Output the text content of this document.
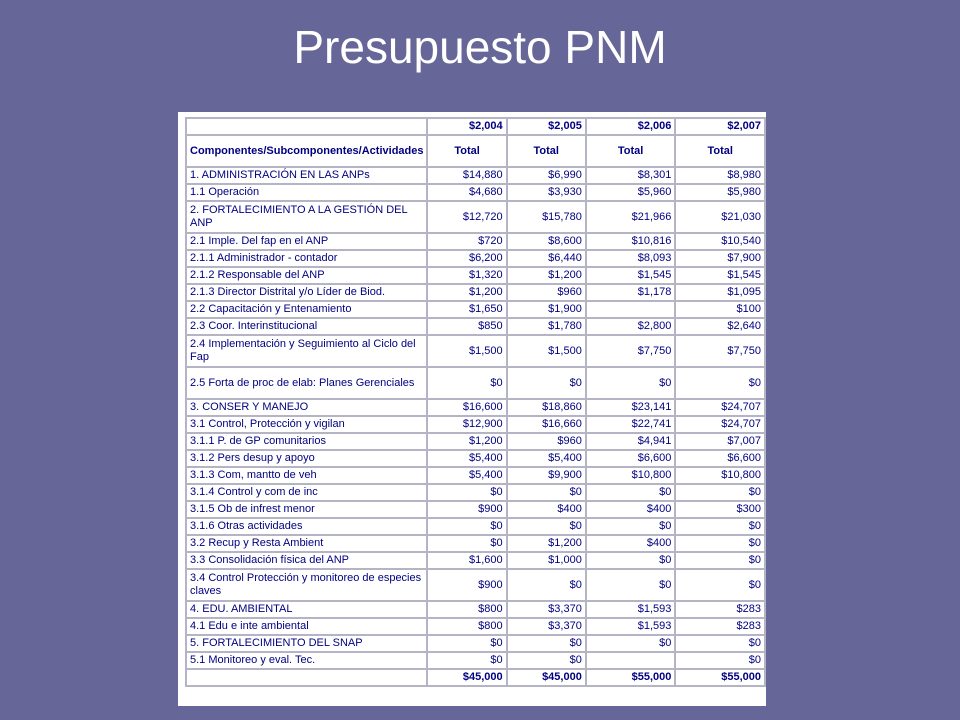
Presupuesto PNM
	$2,004	$2,005	$2,006	$2,007
Componentes/Subcomponentes/Actividades	Total	Total	Total	Total
1. ADMINISTRACIÓN EN LAS ANPs	$14,880	$6,990	$8,301	$8,980
1.1 Operación	$4,680	$3,930	$5,960	$5,980
2. FORTALECIMIENTO A LA GESTIÓN DEL ANP	$12,720	$15,780	$21,966	$21,030
2.1 Imple. Del fap en el ANP	$720	$8,600	$10,816	$10,540
2.1.1 Administrador - contador	$6,200	$6,440	$8,093	$7,900
2.1.2 Responsable del ANP	$1,320	$1,200	$1,545	$1,545
2.1.3 Director Distrital y/o Líder de Biod.	$1,200	$960	$1,178	$1,095
2.2 Capacitación y Entenamiento	$1,650	$1,900		$100
2.3 Coor. Interinstitucional	$850	$1,780	$2,800	$2,640
2.4 Implementación y Seguimiento al Ciclo del Fap	$1,500	$1,500	$7,750	$7,750
2.5 Forta de proc de elab: Planes Gerenciales	$0	$0	$0	$0
3. CONSER Y MANEJO	$16,600	$18,860	$23,141	$24,707
3.1 Control, Protección y vigilan	$12,900	$16,660	$22,741	$24,707
3.1.1 P. de GP comunitarios	$1,200	$960	$4,941	$7,007
3.1.2 Pers desup y apoyo	$5,400	$5,400	$6,600	$6,600
3.1.3 Com, mantto de veh	$5,400	$9,900	$10,800	$10,800
3.1.4 Control y com de inc	$0	$0	$0	$0
3.1.5 Ob de infrest menor	$900	$400	$400	$300
3.1.6 Otras actividades	$0	$0	$0	$0
3.2 Recup y Resta Ambient	$0	$1,200	$400	$0
3.3 Consolidación física del ANP	$1,600	$1,000	$0	$0
3.4 Control Protección y monitoreo de especies claves	$900	$0	$0	$0
4. EDU. AMBIENTAL	$800	$3,370	$1,593	$283
4.1 Edu e inte ambiental	$800	$3,370	$1,593	$283
5. FORTALECIMIENTO DEL SNAP	$0	$0	$0	$0
5.1 Monitoreo y eval. Tec.	$0	$0		$0
	$45,000	$45,000	$55,000	$55,000
